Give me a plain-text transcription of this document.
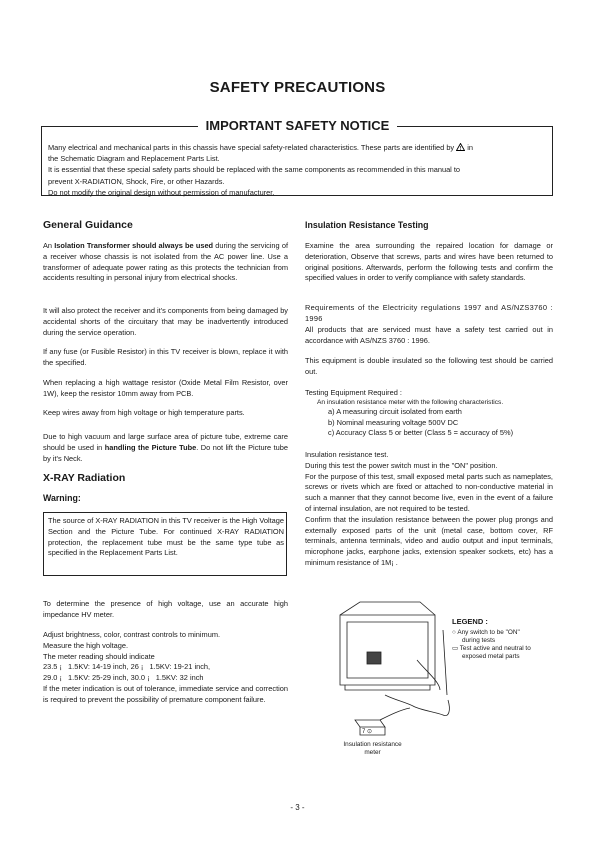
SAFETY PRECAUTIONS
IMPORTANT SAFETY NOTICE
Many electrical and mechanical parts in this chassis have special safety-related characteristics. These parts are identified by ! in
the Schematic Diagram and Replacement Parts List.
It is essential that these special safety parts should be replaced with the same components as recommended in this manual to
prevent X-RADIATION, Shock, Fire, or other Hazards.
Do not modify the original design without permission of manufacturer.
General Guidance
An Isolation Transformer should always be used during the servicing of a receiver whose chassis is not isolated from the AC power line. Use a transformer of adequate power rating as this protects the technician from accidents resulting in personal injury from electrical shocks.
It will also protect the receiver and it's components from being damaged by accidental shorts of the circuitary that may be inadvertently introduced during the service operation.
If any fuse (or Fusible Resistor) in this TV receiver is blown, replace it with the specified.
When replacing a high wattage resistor (Oxide Metal Film Resistor, over 1W), keep the resistor 10mm away from PCB.
Keep wires away from high voltage or high temperature parts.
Due to high vacuum and large surface area of picture tube, extreme care should be used in handling the Picture Tube. Do not lift the Picture tube by it's Neck.
X-RAY Radiation
Warning:
The source of X-RAY RADIATION in this TV receiver is the High Voltage Section and the Picture Tube. For continued X-RAY RADIATION protection, the replacement tube must be the same type tube as specified in the Replacement Parts List.
To determine the presence of high voltage, use an accurate high impedance HV meter.
Adjust brightness, color, contrast controls to minimum.
Measure the high voltage.
The meter reading should indicate
23.5 ¡   1.5KV: 14-19 inch, 26 ¡   1.5KV: 19-21 inch,
29.0 ¡   1.5KV: 25-29 inch, 30.0 ¡   1.5KV: 32 inch
If the meter indication is out of tolerance, immediate service and correction is required to prevent the possibility of premature component failure.
Insulation Resistance Testing
Examine the area surrounding the repaired location for damage or deterioration, Observe that screws, parts and wires have been returned to original positions. Afterwards, perform the following tests and confirm the specified values in order to verify compliance with safety standards.
Requirements of the Electricity regulations 1997 and AS/NZS3760 : 1996
All products that are serviced must have a safety test carried out in accordance with AS/NZS 3760 : 1996.
This equipment is double insulated so the following test should be carried out.
Testing Equipment Required :
An insulation resistance meter with the following characteristics.
a) A measuring circuit isolated from earth
b) Nominal measuring voltage 500V DC
c) Accuracy Class 5 or better (Class 5 = accuracy of 5%)
Insulation resistance test.
During this test the power switch must in the "ON" position.
For the purpose of this test, small exposed metal parts such as nameplates, screws or rivets which are fixed or attached to non-conductive material in such a manner that they cannot become live, even in the event of a failure of internal insulation, are not required to be tested.
Confirm that the insulation resistance between the power plug prongs and externally exposed parts of the unit (metal case, bottom cover, RF terminals, antenna terminals, video and audio output and input terminals, microphone jacks, earphone jacks, extension speaker sockets, etc) has a minimum resistance of 1M¡ .
7 ⊙
LEGEND :
○ Any switch to be "ON"
during tests
▭ Test active and neutral to
exposed metal parts
Insulation resistance
meter
- 3 -
